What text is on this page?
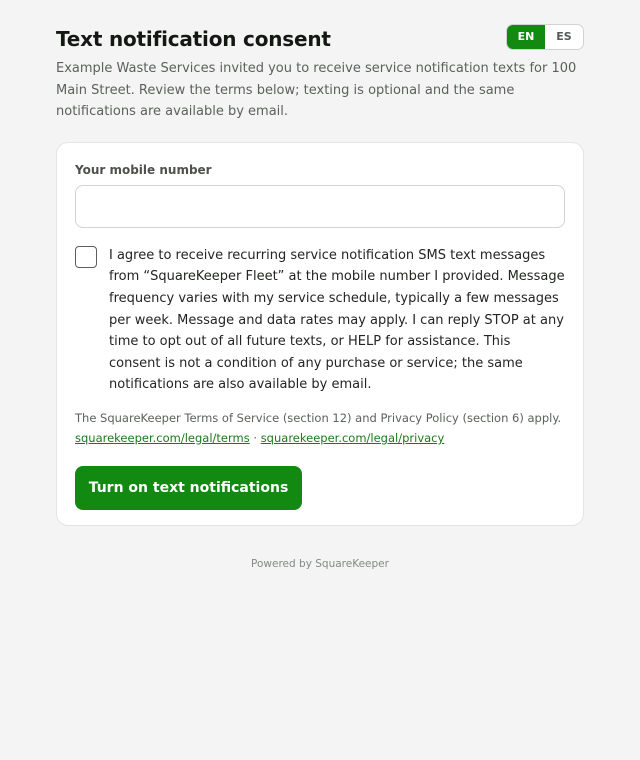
Text notification consent	EN	ES

Example Waste Services invited you to receive service notification texts for 100 Main Street. Review the terms below; texting is optional and the same notifications are available by email.

Your mobile number

I agree to receive recurring service notification SMS text messages from “SquareKeeper Fleet” at the mobile number I provided. Message frequency varies with my service schedule, typically a few messages per week. Message and data rates may apply. I can reply STOP at any time to opt out of all future texts, or HELP for assistance. This consent is not a condition of any purchase or service; the same notifications are also available by email.

The SquareKeeper Terms of Service (section 12) and Privacy Policy (section 6) apply.
squarekeeper.com/legal/terms · squarekeeper.com/legal/privacy

Turn on text notifications
Powered by SquareKeeper
